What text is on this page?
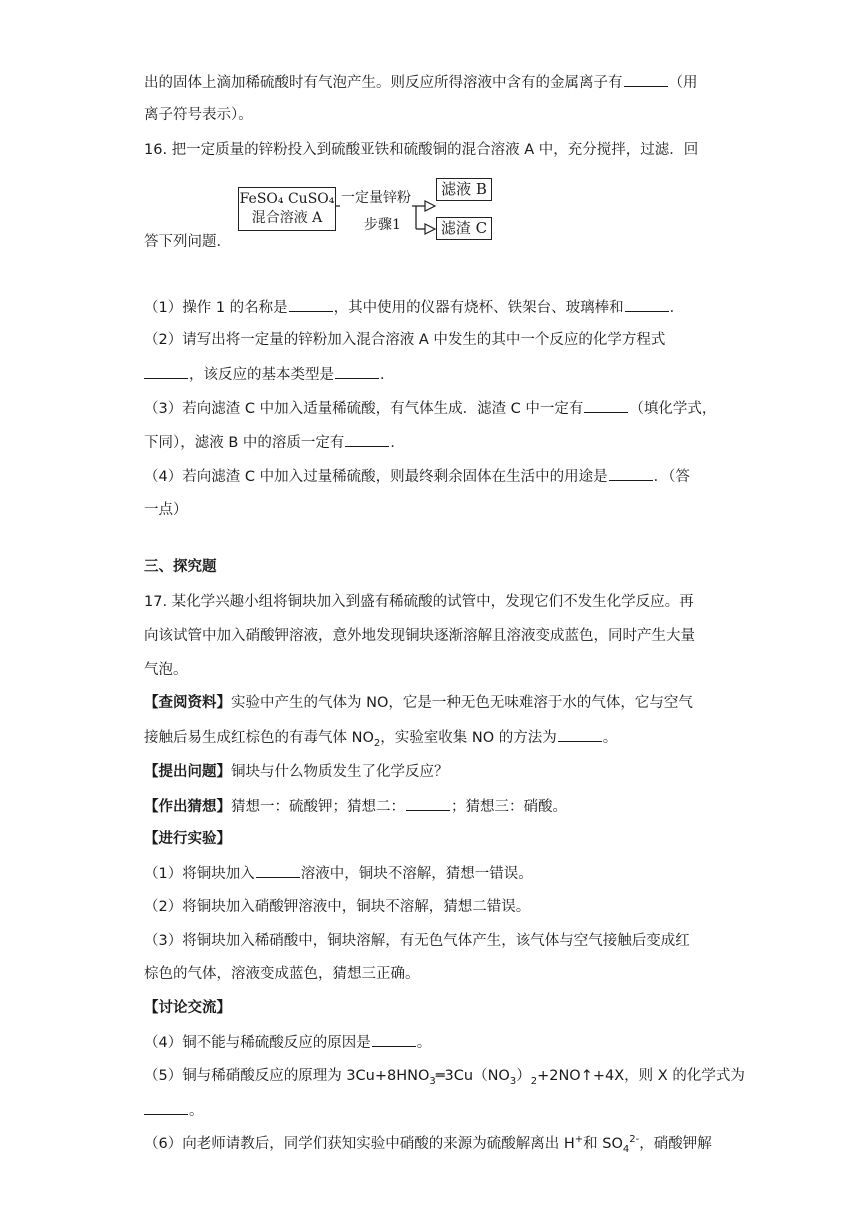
出的固体上滴加稀硫酸时有气泡产生。则反应所得溶液中含有的金属离子有	（用
离子符号表示）。
16. 把一定质量的锌粉投入到硫酸亚铁和硫酸铜的混合溶液 A 中，充分搅拌，过滤．回
FeSO₄ CuSO₄
混合溶液 A
一定量锌粉
步骤1
滤液 B
滤渣 C
答下列问题．
（1）操作 1 的名称是	，其中使用的仪器有烧杯、铁架台、玻璃棒和	．
（2）请写出将一定量的锌粉加入混合溶液 A 中发生的其中一个反应的化学方程式
，该反应的基本类型是	．
（3）若向滤渣 C 中加入适量稀硫酸，有气体生成．滤渣 C 中一定有	（填化学式，
下同），滤液 B 中的溶质一定有	．
（4）若向滤渣 C 中加入过量稀硫酸，则最终剩余固体在生活中的用途是	．（答
一点）
三、探究题
17. 某化学兴趣小组将铜块加入到盛有稀硫酸的试管中，发现它们不发生化学反应。再
向该试管中加入硝酸钾溶液，意外地发现铜块逐渐溶解且溶液变成蓝色，同时产生大量
气泡。
【查阅资料】实验中产生的气体为 NO，它是一种无色无味难溶于水的气体，它与空气
接触后易生成红棕色的有毒气体 $NO_2$，实验室收集 NO 的方法为	。
【提出问题】铜块与什么物质发生了化学反应？
【作出猜想】猜想一：硫酸钾；猜想二：	；猜想三：硝酸。
【进行实验】
（1）将铜块加入	溶液中，铜块不溶解，猜想一错误。
（2）将铜块加入硝酸钾溶液中，铜块不溶解，猜想二错误。
（3）将铜块加入稀硝酸中，铜块溶解，有无色气体产生，该气体与空气接触后变成红
棕色的气体，溶液变成蓝色，猜想三正确。
【讨论交流】
（4）铜不能与稀硫酸反应的原因是	。
（5）铜与稀硝酸反应的原理为 $3Cu+8HNO_3═3Cu(NO_3)_2+2NO↑+4X$，则 X 的化学式为
。
（6）向老师请教后，同学们获知实验中硝酸的来源为硫酸解离出 H+和 $SO_4^{2-}$，硝酸钾解
